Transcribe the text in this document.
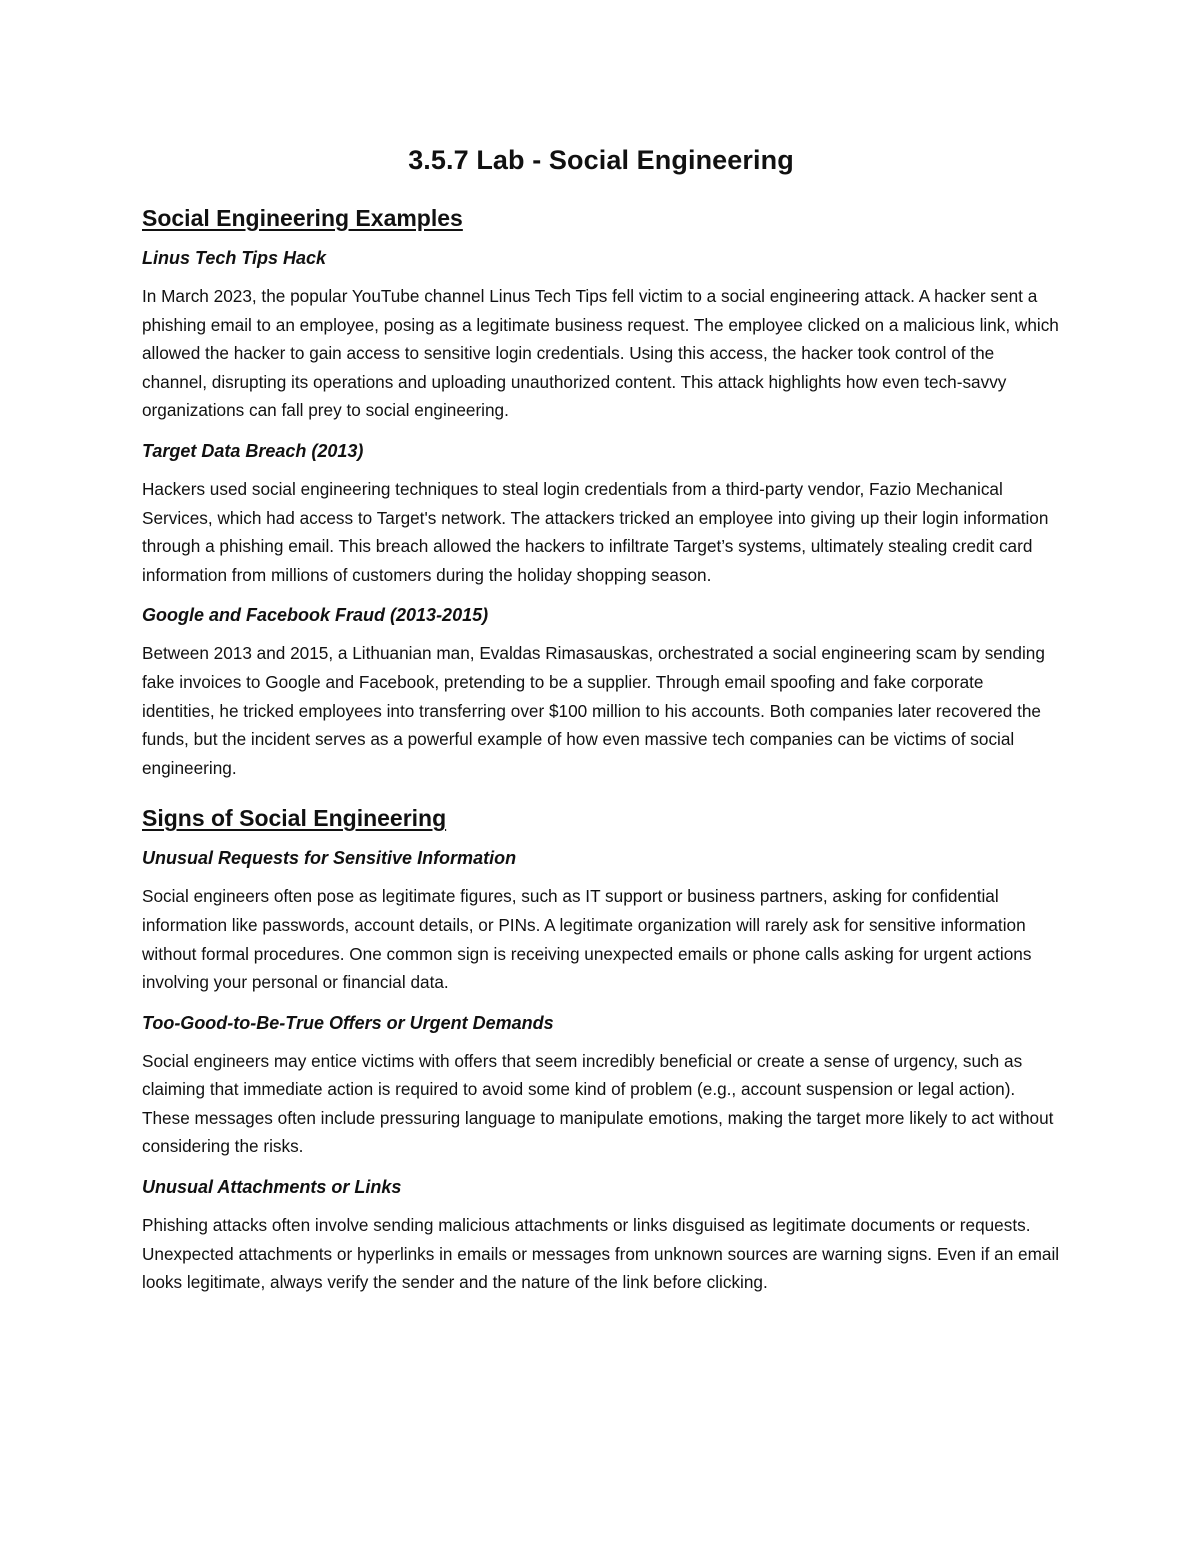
3.5.7 Lab - Social Engineering
Social Engineering Examples
Linus Tech Tips Hack

In March 2023, the popular YouTube channel Linus Tech Tips fell victim to a social engineering attack. A hacker sent a phishing email to an employee, posing as a legitimate business request. The employee clicked on a malicious link, which allowed the hacker to gain access to sensitive login credentials. Using this access, the hacker took control of the channel, disrupting its operations and uploading unauthorized content. This attack highlights how even tech-savvy organizations can fall prey to social engineering.

Target Data Breach (2013)

Hackers used social engineering techniques to steal login credentials from a third-party vendor, Fazio Mechanical Services, which had access to Target's network. The attackers tricked an employee into giving up their login information through a phishing email. This breach allowed the hackers to infiltrate Target’s systems, ultimately stealing credit card information from millions of customers during the holiday shopping season.

Google and Facebook Fraud (2013-2015)

Between 2013 and 2015, a Lithuanian man, Evaldas Rimasauskas, orchestrated a social engineering scam by sending fake invoices to Google and Facebook, pretending to be a supplier. Through email spoofing and fake corporate identities, he tricked employees into transferring over $100 million to his accounts. Both companies later recovered the funds, but the incident serves as a powerful example of how even massive tech companies can be victims of social engineering.

Signs of Social Engineering
Unusual Requests for Sensitive Information

Social engineers often pose as legitimate figures, such as IT support or business partners, asking for confidential information like passwords, account details, or PINs. A legitimate organization will rarely ask for sensitive information without formal procedures. One common sign is receiving unexpected emails or phone calls asking for urgent actions involving your personal or financial data.

Too-Good-to-Be-True Offers or Urgent Demands

Social engineers may entice victims with offers that seem incredibly beneficial or create a sense of urgency, such as claiming that immediate action is required to avoid some kind of problem (e.g., account suspension or legal action). These messages often include pressuring language to manipulate emotions, making the target more likely to act without considering the risks.

Unusual Attachments or Links

Phishing attacks often involve sending malicious attachments or links disguised as legitimate documents or requests. Unexpected attachments or hyperlinks in emails or messages from unknown sources are warning signs. Even if an email looks legitimate, always verify the sender and the nature of the link before clicking.
